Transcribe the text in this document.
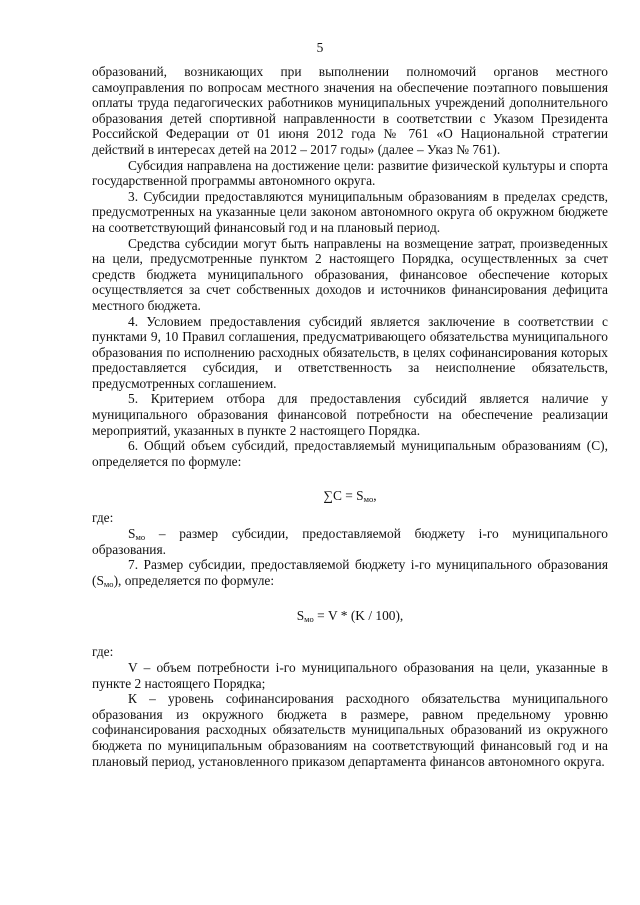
5

образований, возникающих при выполнении полномочий органов местного самоуправления по вопросам местного значения на обеспечение поэтапного повышения оплаты труда педагогических работников муниципальных учреждений дополнительного образования детей спортивной направленности в соответствии с Указом Президента Российской Федерации от 01 июня 2012 года № 761 «О Национальной стратегии действий в интересах детей на 2012 – 2017 годы» (далее – Указ № 761).

Субсидия направлена на достижение цели: развитие физической культуры и спорта государственной программы автономного округа.

3. Субсидии предоставляются муниципальным образованиям в пределах средств, предусмотренных на указанные цели законом автономного округа об окружном бюджете на соответствующий финансовый год и на плановый период.

Средства субсидии могут быть направлены на возмещение затрат, произведенных на цели, предусмотренные пунктом 2 настоящего Порядка, осуществленных за счет средств бюджета муниципального образования, финансовое обеспечение которых осуществляется за счет собственных доходов и источников финансирования дефицита местного бюджета.

4. Условием предоставления субсидий является заключение в соответствии с пунктами 9, 10 Правил соглашения, предусматривающего обязательства муниципального образования по исполнению расходных обязательств, в целях софинансирования которых предоставляется субсидия, и ответственность за неисполнение обязательств, предусмотренных соглашением.

5. Критерием отбора для предоставления субсидий является наличие у муниципального образования финансовой потребности на обеспечение реализации мероприятий, указанных в пункте 2 настоящего Порядка.

6. Общий объем субсидий, предоставляемый муниципальным образованиям (С), определяется по формуле:

$\sum С = S_{мо}$,

где:

$S_{мо}$ – размер субсидии, предоставляемой бюджету i-го муниципального образования.

7. Размер субсидии, предоставляемой бюджету i-го муниципального образования $(S_{мо})$, определяется по формуле:

$S_{мо} = V * (K / 100)$,

где:

V – объем потребности i-го муниципального образования на цели, указанные в пункте 2 настоящего Порядка;

К – уровень софинансирования расходного обязательства муниципального образования из окружного бюджета в размере, равном предельному уровню софинансирования расходных обязательств муниципальных образований из окружного бюджета по муниципальным образованиям на соответствующий финансовый год и на плановый период, установленного приказом департамента финансов автономного округа.
